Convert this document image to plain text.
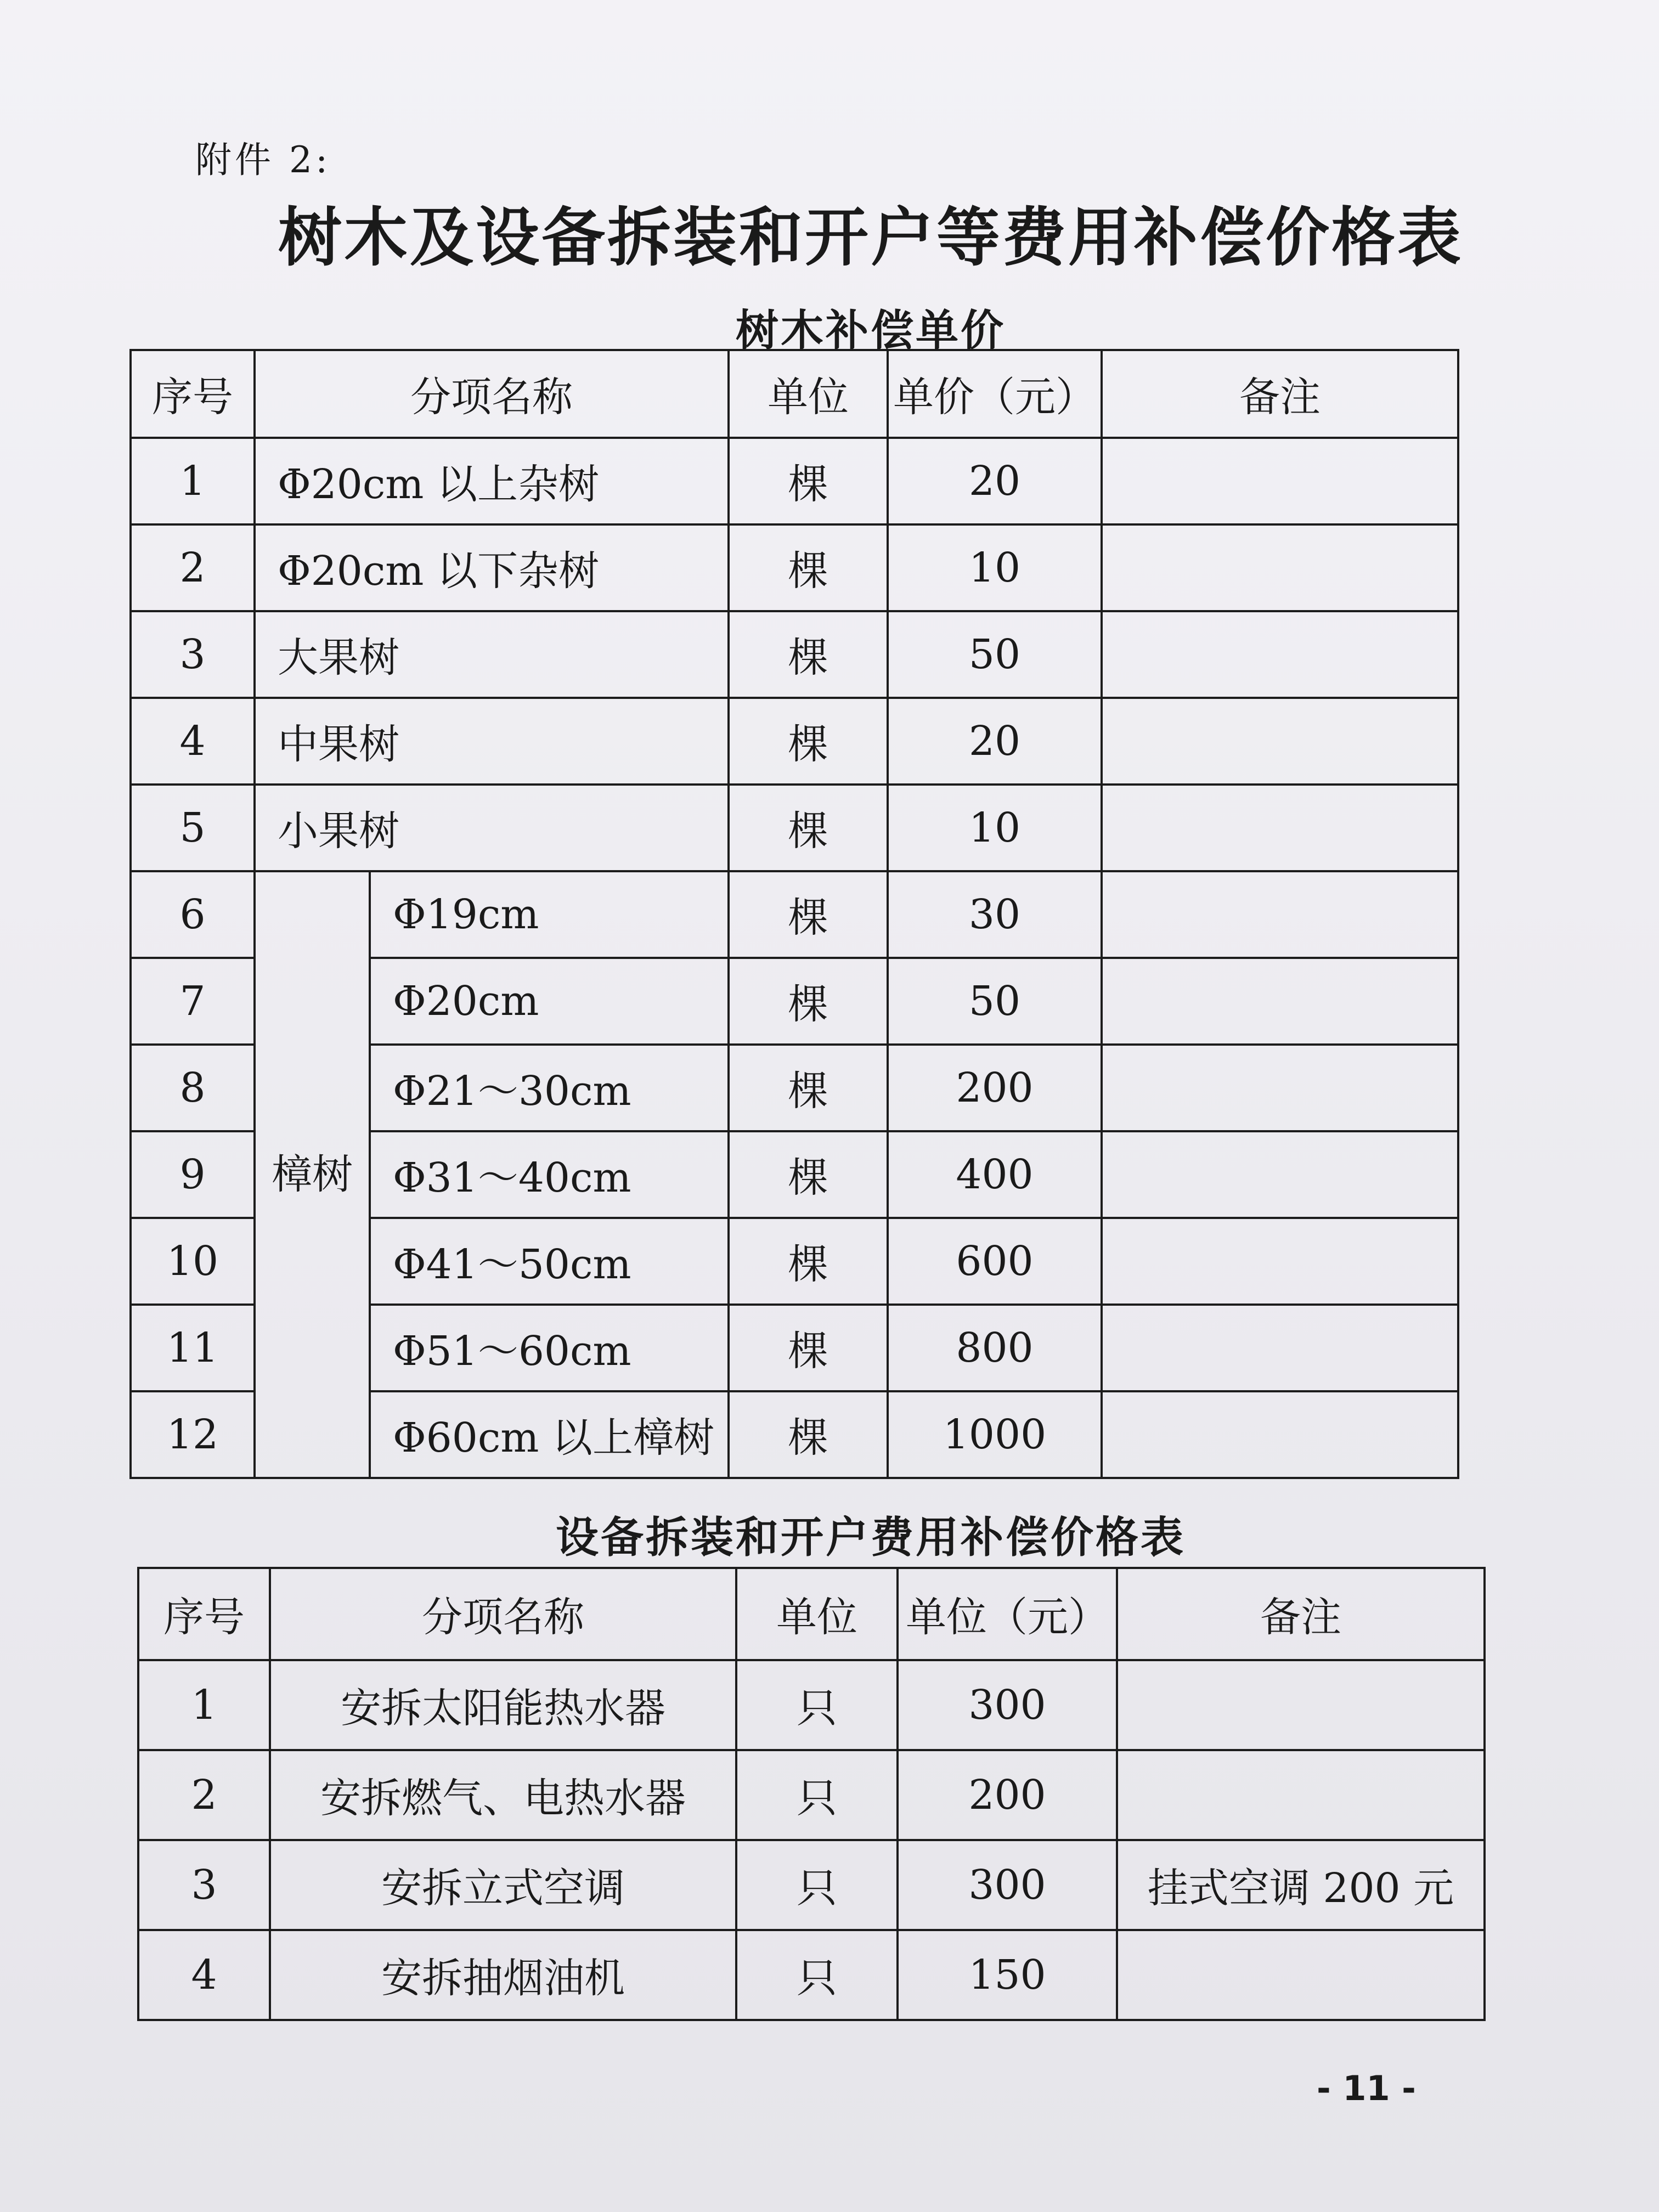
附件 2:
树木及设备拆装和开户等费用补偿价格表
树木补偿单价
序号	分项名称		单位	单价（元）	备注
1	Φ20cm 以上杂树		棵	20	
2	Φ20cm 以下杂树		棵	10	
3	大果树		棵	50	
4	中果树		棵	20	
5	小果树		棵	10	
6	樟树	Φ19cm	棵	30	
7		Φ20cm	棵	50	
8		Φ21～30cm	棵	200	
9		Φ31～40cm	棵	400	
10		Φ41～50cm	棵	600	
11		Φ51～60cm	棵	800	
12		Φ60cm 以上樟树	棵	1000	
设备拆装和开户费用补偿价格表
序号	分项名称	单位	单位（元）	备注
1	安拆太阳能热水器	只	300	
2	安拆燃气、电热水器	只	200	
3	安拆立式空调	只	300	挂式空调 200 元
4	安拆抽烟油机	只	150	
- 11 -
